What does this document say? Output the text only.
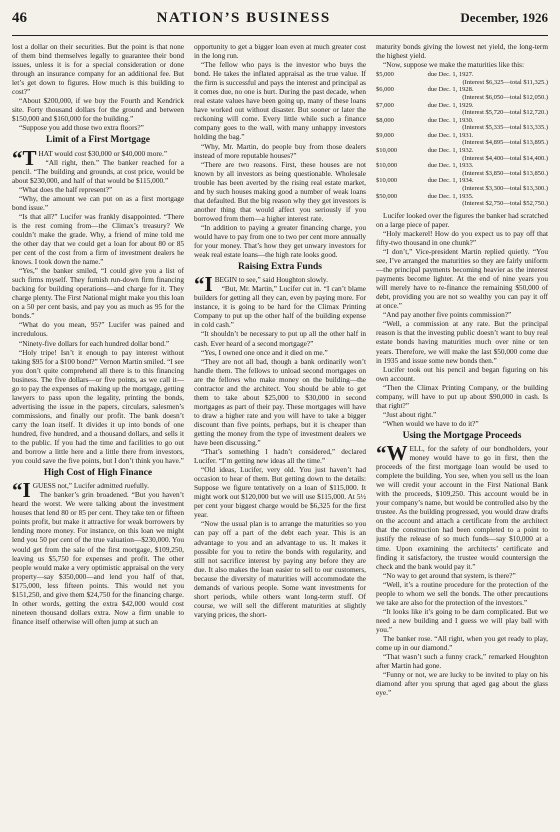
46	NATION’S BUSINESS	December, 1926

lost a dollar on their securities. But the point is that none of them bind themselves legally to guarantee their bond issues, unless it is for a special consideration or done through an insurance company for an additional fee. But let’s get down to figures. How much is this building to cost?”

“About $200,000, if we buy the Fourth and Kendrick site. Forty thousand dollars for the ground and between $150,000 and $160,000 for the building.”

“Suppose you add those two extra floors?”

Limit of a First Mortgage

“THAT would cost $30,000 or $40,000 more.”

“All right, then.” The banker reached for a pencil. “The building and grounds, at cost price, would be about $230,000, and half of that would be $115,000.”

“What does the half represent?”

“Why, the amount we can put on as a first mortgage bond issue.”

“Is that all?” Lucifer was frankly disappointed. “There is the rest coming from—the Climax’s treasury? We couldn’t make the grade. Why, a friend of mine told me the other day that we could get a loan for about 80 or 85 per cent of the cost from a firm of investment dealers he knows. I took down the name.”

“Yes,” the banker smiled, “I could give you a list of such firms myself. They furnish run-down firm financing backing for building operations—and charge for it. They charge plenty. The First National might make you this loan on a 50 per cent basis, and pay you as much as 95 for the bonds.”

“What do you mean, 95?” Lucifer was pained and incredulous.

“Ninety-five dollars for each hundred dollar bond.”

“Holy tripe! Isn’t it enough to pay interest without taking $95 for a $100 bond?” Vernon Martin smiled. “I see you don’t quite comprehend all there is to this financing business. The five dollars—or five points, as we call it—go to pay the expenses of making up the mortgage, getting lawyers to pass upon the legality, printing the bonds, advertising the issue in the papers, circulars, salesmen’s commissions, and finally our profit. The bank doesn’t carry the loan itself. It divides it up into bonds of one hundred, five hundred, and a thousand dollars, and sells it to the public. If you had the time and facilities to go out and borrow a little here and a little there from investors, you could save the five points, but I don’t think you have.”

High Cost of High Finance

“IGUESS not,” Lucifer admitted ruefully.

The banker’s grin broadened. “But you haven’t heard the worst. We were talking about the investment houses that lend 80 or 85 per cent. They take ten or fifteen points profit, but make it attractive for weak borrowers by lending more money. For instance, on this loan we might lend you 50 per cent of the true valuation—$230,000. You would get from the sale of the first mortgage, $109,250, leaving us $5,750 for expenses and profit. The other people would make a very optimistic appraisal on the very property—say $350,000—and lend you half of that, $175,000, less fifteen points. This would net you $151,250, and give them $24,750 for the financing charge. In other words, getting the extra $42,000 would cost nineteen thousand dollars extra. Now a firm unable to finance itself otherwise will often jump at such an

opportunity to get a bigger loan even at much greater cost in the long run.

“The fellow who pays is the investor who buys the bond. He takes the inflated appraisal as the true value. If the firm is successful and pays the interest and principal as it comes due, no one is hurt. During the past decade, when real estate values have been going up, many of these loans have worked out without disaster. But sooner or later the reckoning will come. Every little while such a finance company goes to the wall, with many unhappy investors holding the bag.”

“Why, Mr. Martin, do people buy from those dealers instead of more reputable houses?”

“There are two reasons. First, these houses are not known by all investors as being questionable. Wholesale trouble has been averted by the rising real estate market, and by such houses making good a number of weak loans that defaulted. But the big reason why they get investors is another thing that would affect you seriously if you borrowed from them—a higher interest rate.

“In addition to paying a greater financing charge, you would have to pay from one to two per cent more annually for your money. That’s how they get unwary investors for weak real estate loans—the high rate looks good.

Raising Extra Funds

“IBEGIN to see,” said Houghton slowly.

“But, Mr. Martin,” Lucifer cut in. “I can’t blame builders for getting all they can, even by paying more. For instance, it is going to be hard for the Climax Printing Company to put up the other half of the building expense in cold cash.”

“It shouldn’t be necessary to put up all the other half in cash. Ever heard of a second mortgage?”

“Yes, I owned one once and it died on me.”

“They are not all bad, though a bank ordinarily won’t handle them. The fellows to unload second mortgages on are the fellows who make money on the building—the contractor and the architect. You should be able to get them to take about $25,000 to $30,000 in second mortgages as part of their pay. These mortgages will have to draw a higher rate and you will have to take a bigger discount than five points, perhaps, but it is cheaper than getting the money from the type of investment dealers we have been discussing.”

“That’s something I hadn’t considered,” declared Lucifer. “I’m getting new ideas all the time.”

“Old ideas, Lucifer, very old. You just haven’t had occasion to hear of them. But getting down to the details: Suppose we figure tentatively on a loan of $115,000. It might work out $120,000 but we will use $115,000. At 5½ per cent your biggest charge would be $6,325 for the first year.

“Now the usual plan is to arrange the maturities so you can pay off a part of the debt each year. This is an advantage to you and an advantage to us. It makes it possible for you to retire the bonds with regularity, and still not sacrifice interest by paying any before they are due. It also makes the loan easier to sell to our customers, because the diversity of maturities will accommodate the demands of various people. Some want investments for short periods, while others want long-term stuff. Of course, we will sell the different maturities at slightly varying prices, the short-

maturity bonds giving the lowest net yield, the long-term the highest yield.

“Now, suppose we make the maturities like this:

$5,000	due Dec. 1, 1927.
	(Interest $6,325—total $11,325.)
$6,000	due Dec. 1, 1928.
	(Interest $6,050—total $12,050.)
$7,000	due Dec. 1, 1929.
	(Interest $5,720—total $12,720.)
$8,000	due Dec. 1, 1930.
	(Interest $5,335—total $13,335.)
$9,000	due Dec. 1, 1931.
	(Interest $4,895—total $13,895.)
$10,000	due Dec. 1, 1932.
	(Interest $4,400—total $14,400.)
$10,000	due Dec. 1, 1933.
	(Interest $3,850—total $13,850.)
$10,000	due Dec. 1, 1934.
	(Interest $3,300—total $13,300.)
$50,000	due Dec. 1, 1935.
	(Interest $2,750—total $52,750.)

Lucifer looked over the figures the banker had scratched on a large piece of paper.

“Holy mackerel! How do you expect us to pay off that fifty-two thousand in one chunk?”

“I don’t,” Vice-president Martin replied quietly. “You see, I’ve arranged the maturities so they are fairly uniform—the principal payments becoming heavier as the interest payments become lighter. At the end of nine years you will merely have to re-finance the remaining $50,000 of debt, providing you are not so wealthy you can pay it off at once.”

“And pay another five points commission?”

“Well, a commission at any rate. But the principal reason is that the investing public doesn’t want to buy real estate bonds having maturities much over nine or ten years. Therefore, we will make the last $50,000 come due in 1935 and issue some new bonds then.”

Lucifer took out his pencil and began figuring on his own account.

“Then the Climax Printing Company, or the building company, will have to put up about $90,000 in cash. Is that right?”

“Just about right.”

“When would we have to do it?”

Using the Mortgage Proceeds

“WELL, for the safety of our bondholders, your money would have to go in first, then the proceeds of the first mortgage loan would be used to complete the building. You see, when you sell us the loan we will credit your account in the First National Bank with the proceeds, $109,250. This account would be in your company’s name, but would be controlled also by the trustee. As the building progressed, you would draw drafts on the account and attach a certificate from the architect that the construction had been completed to a point to justify the release of so much funds—say $10,000 at a time. Upon examining the architects’ certificate and finding it satisfactory, the trustee would countersign the check and the bank would pay it.”

“No way to get around that system, is there?”

“Well, it’s a routine procedure for the protection of the people to whom we sell the bonds. The other precautions we take are also for the protection of the investors.”

“It looks like it’s going to be darn complicated. But we need a new building and I guess we will play ball with you.”

The banker rose. “All right, when you get ready to play, come up in our diamond.”

“That wasn’t such a funny crack,” remarked Houghton after Martin had gone.

“Funny or not, we are lucky to be invited to play on his diamond after you sprung that aged gag about the glass eye.”
